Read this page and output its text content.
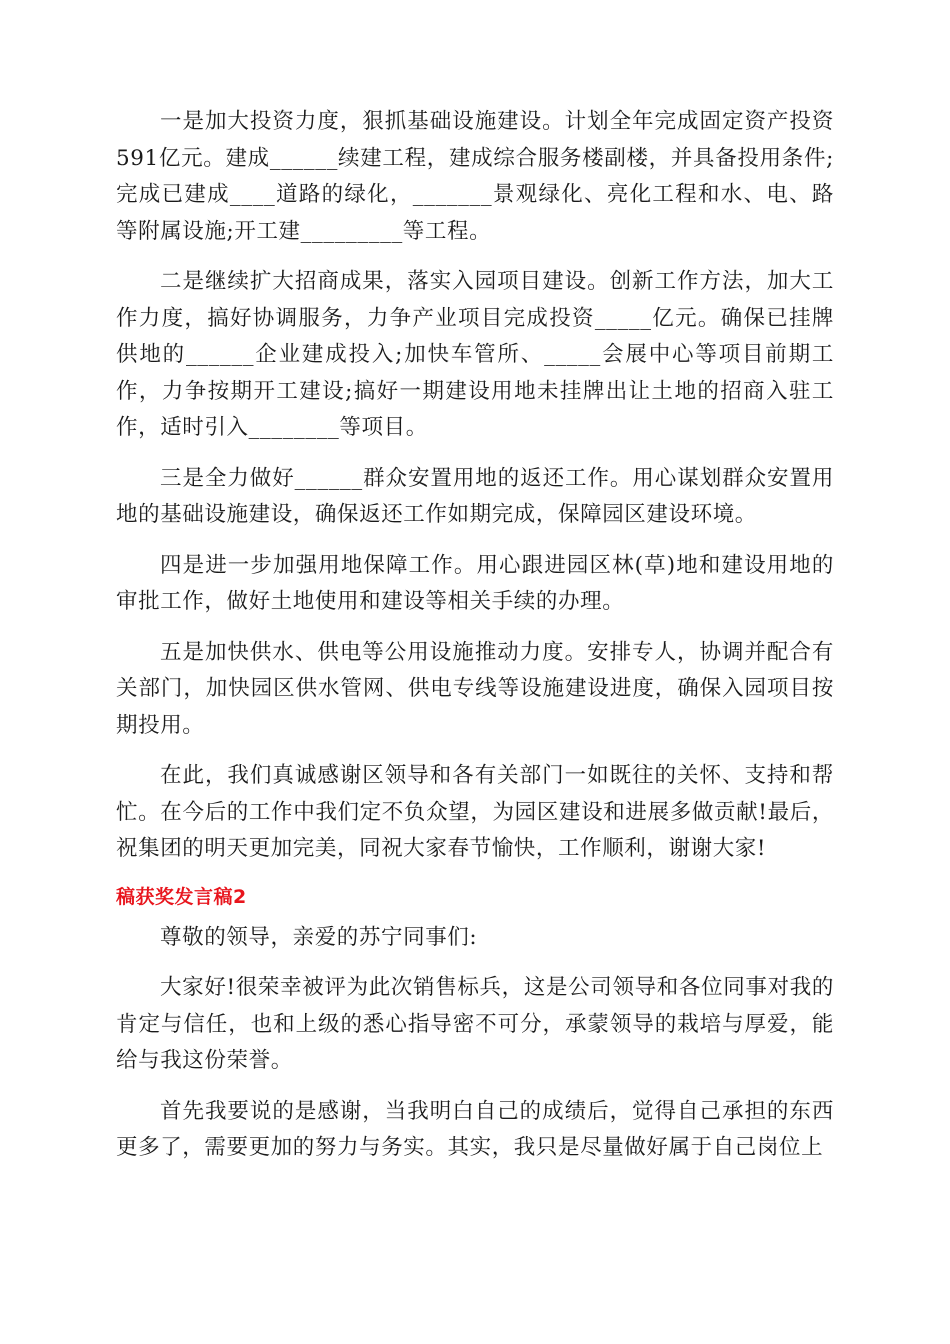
一是加大投资力度，狠抓基础设施建设。计划全年完成固定资产投资591亿元。建成______续建工程，建成综合服务楼副楼，并具备投用条件;完成已建成____道路的绿化，_______景观绿化、亮化工程和水、电、路等附属设施;开工建_________等工程。

二是继续扩大招商成果，落实入园项目建设。创新工作方法，加大工作力度，搞好协调服务，力争产业项目完成投资_____亿元。确保已挂牌供地的______企业建成投入;加快车管所、_____会展中心等项目前期工作，力争按期开工建设;搞好一期建设用地未挂牌出让土地的招商入驻工作，适时引入________等项目。

三是全力做好______群众安置用地的返还工作。用心谋划群众安置用地的基础设施建设，确保返还工作如期完成，保障园区建设环境。

四是进一步加强用地保障工作。用心跟进园区林(草)地和建设用地的审批工作，做好土地使用和建设等相关手续的办理。

五是加快供水、供电等公用设施推动力度。安排专人，协调并配合有关部门，加快园区供水管网、供电专线等设施建设进度，确保入园项目按期投用。

在此，我们真诚感谢区领导和各有关部门一如既往的关怀、支持和帮忙。在今后的工作中我们定不负众望，为园区建设和进展多做贡献!最后，祝集团的明天更加完美，同祝大家春节愉快，工作顺利，谢谢大家!

稿获奖发言稿2

尊敬的领导，亲爱的苏宁同事们:

大家好!很荣幸被评为此次销售标兵，这是公司领导和各位同事对我的肯定与信任，也和上级的悉心指导密不可分，承蒙领导的栽培与厚爱，能给与我这份荣誉。

首先我要说的是感谢，当我明白自己的成绩后，觉得自己承担的东西更多了，需要更加的努力与务实。其实，我只是尽量做好属于自己岗位上
